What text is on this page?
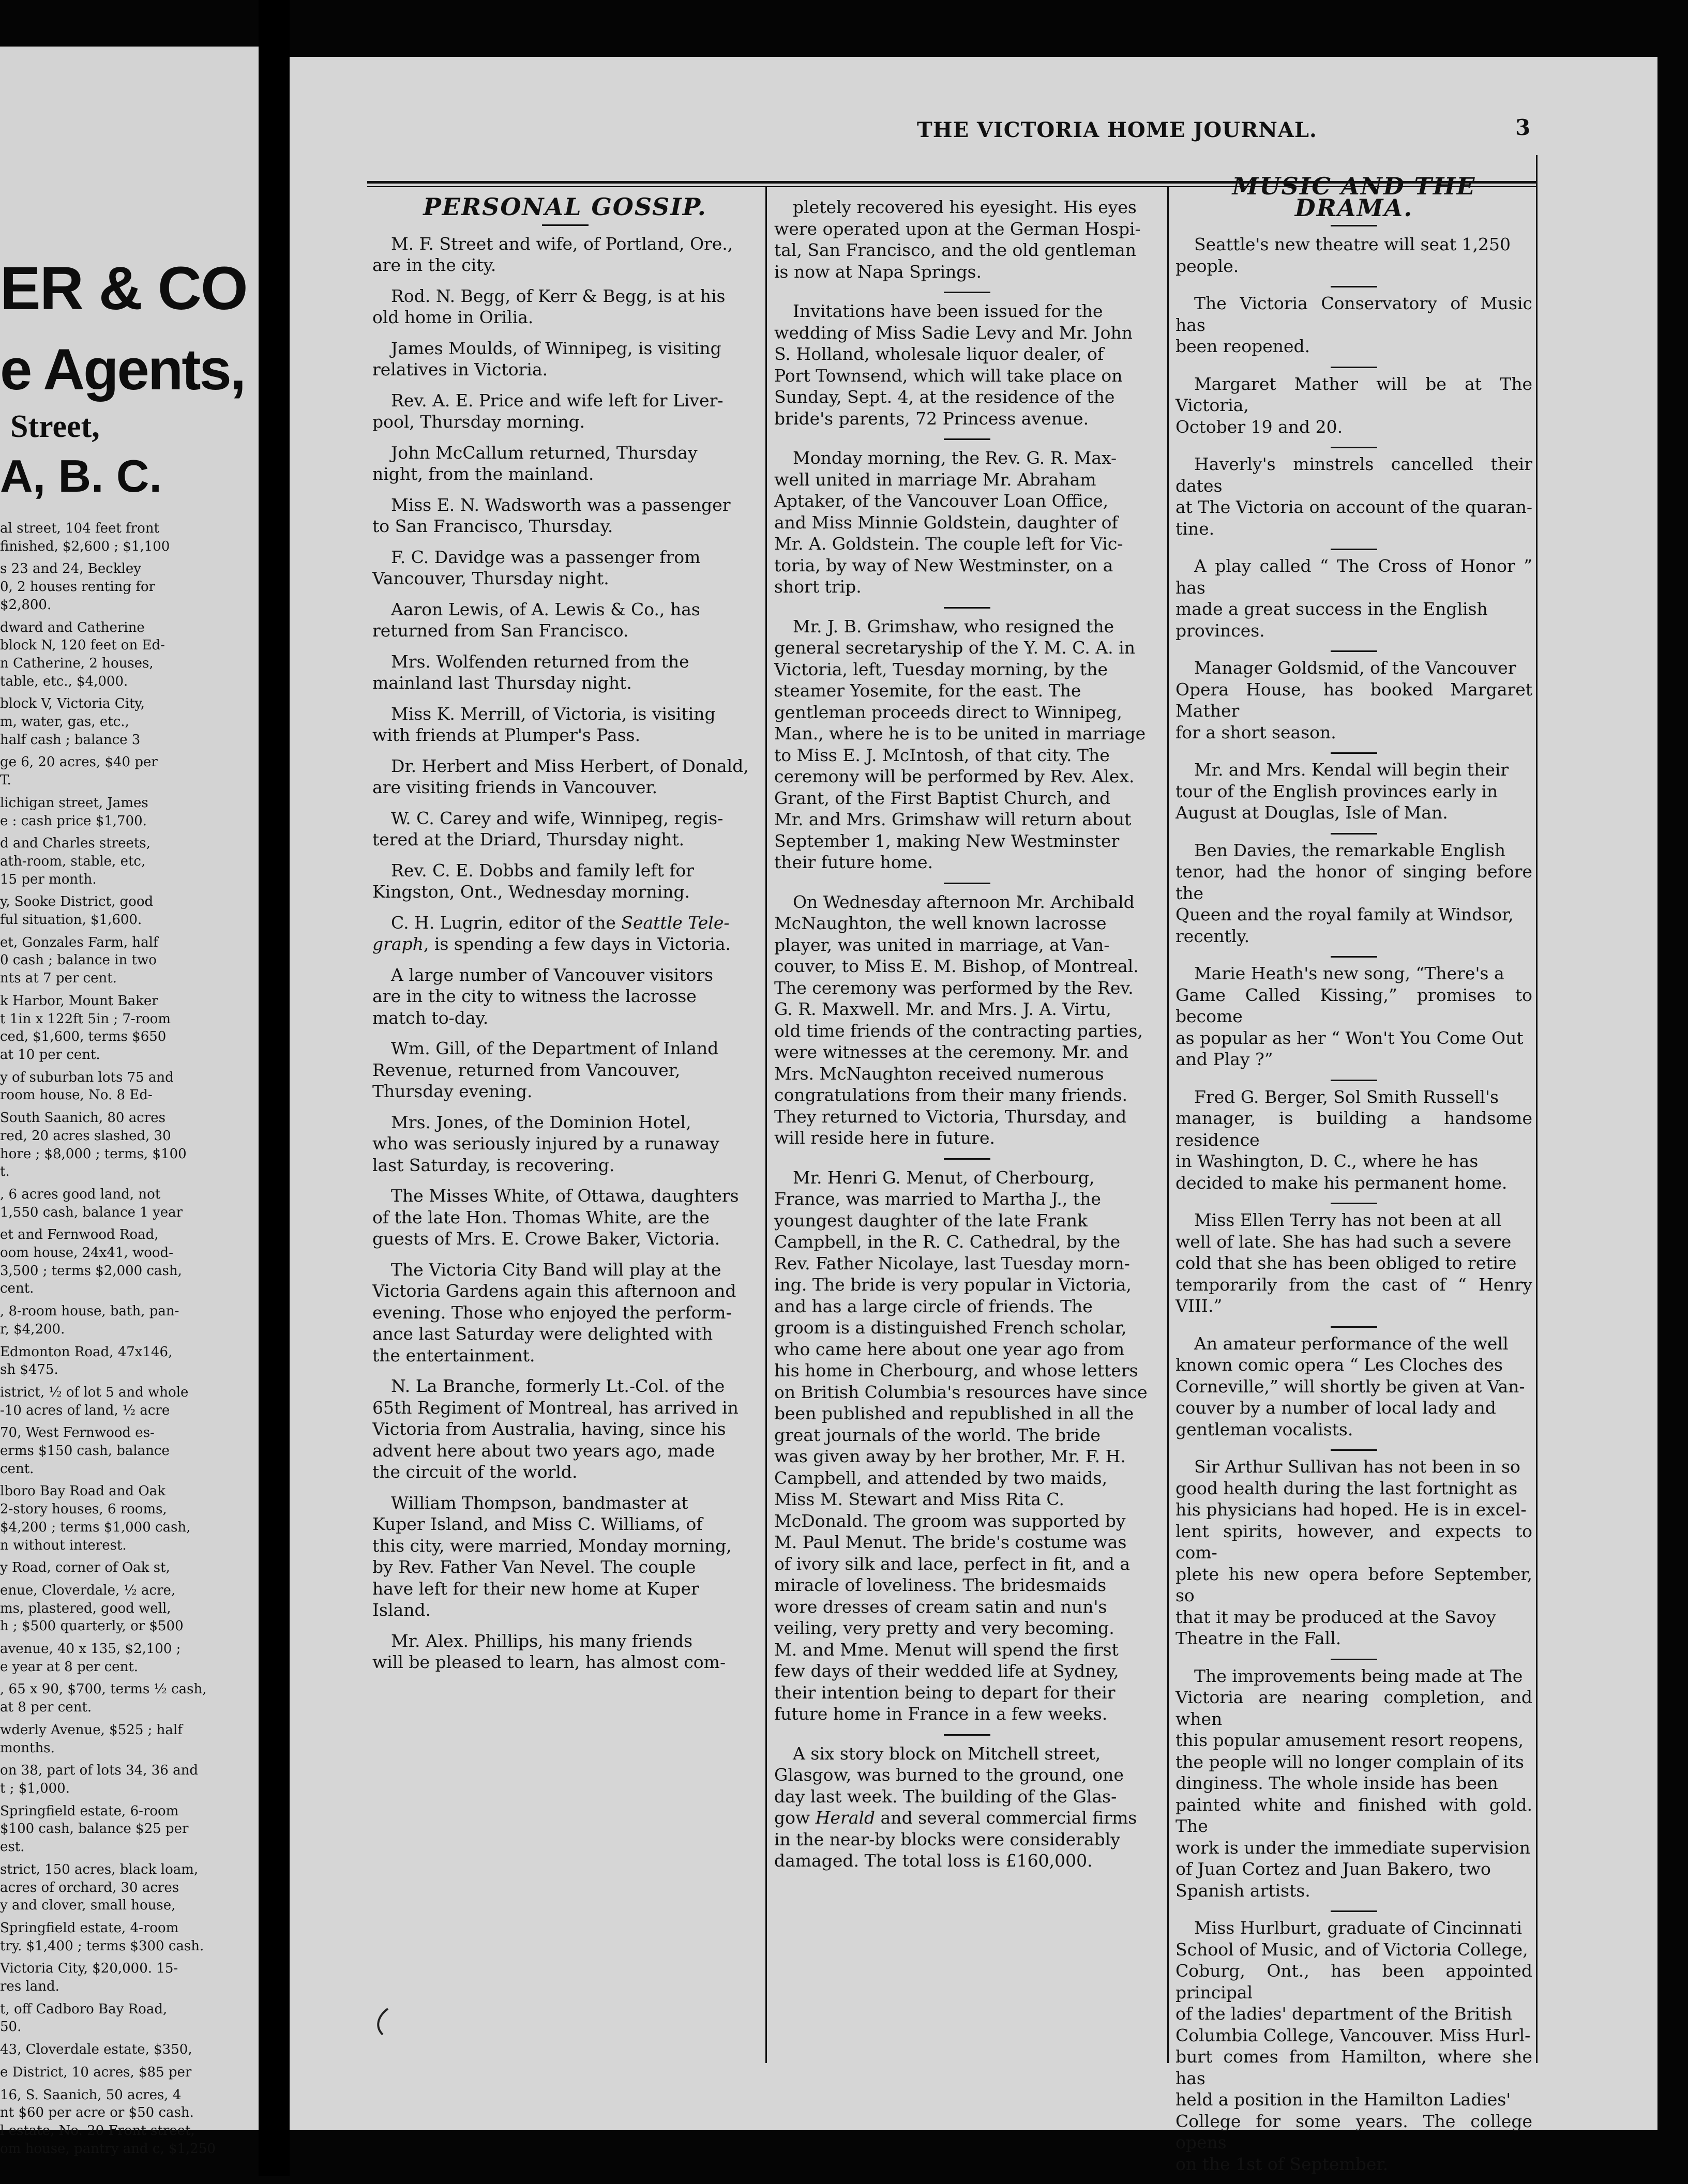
ER & CO
e Agents,
Street,
A, B. C.
al street, 104 feet front
finished, $2,600 ; $1,100
s 23 and 24, Beckley
0, 2 houses renting for
$2,800.
dward and Catherine
block N, 120 feet on Ed-
n Catherine, 2 houses,
table, etc., $4,000.
block V, Victoria City,
m, water, gas, etc.,
half cash ; balance 3
ge 6, 20 acres, $40 per
T.
lichigan street, James
e : cash price $1,700.
d and Charles streets,
ath-room, stable, etc,
15 per month.
y, Sooke District, good
ful situation, $1,600.
et, Gonzales Farm, half
0 cash ; balance in two
nts at 7 per cent.
k Harbor, Mount Baker
t 1in x 122ft 5in ; 7-room
ced, $1,600, terms $650
at 10 per cent.
y of suburban lots 75 and
room house, No. 8 Ed-
South Saanich, 80 acres
red, 20 acres slashed, 30
hore ; $8,000 ; terms, $100
t.
, 6 acres good land, not
1,550 cash, balance 1 year
et and Fernwood Road,
oom house, 24x41, wood-
3,500 ; terms $2,000 cash,
cent.
, 8-room house, bath, pan-
r, $4,200.
Edmonton Road, 47x146,
sh $475.
istrict, ½ of lot 5 and whole
-10 acres of land, ½ acre
70, West Fernwood es-
erms $150 cash, balance
cent.
lboro Bay Road and Oak
2-story houses, 6 rooms,
$4,200 ; terms $1,000 cash,
n without interest.
y Road, corner of Oak st,
enue, Cloverdale, ½ acre,
ms, plastered, good well,
h ; $500 quarterly, or $500
avenue, 40 x 135, $2,100 ;
e year at 8 per cent.
, 65 x 90, $700, terms ½ cash,
at 8 per cent.
wderly Avenue, $525 ; half
months.
on 38, part of lots 34, 36 and
t ; $1,000.
Springfield estate, 6-room
$100 cash, balance $25 per
est.
strict, 150 acres, black loam,
acres of orchard, 30 acres
y and clover, small house,
Springfield estate, 4-room
try. $1,400 ; terms $300 cash.
Victoria City, $20,000. 15-
res land.
t, off Cadboro Bay Road,
50.
43, Cloverdale estate, $350,
e District, 10 acres, $85 per
16, S. Saanich, 50 acres, 4
nt $60 per acre or $50 cash.
l estate, No. 20 Front street,
om house, pantry and c, $1,250
THE VICTORIA HOME JOURNAL.	3
PERSONAL GOSSIP.
M. F. Street and wife, of Portland, Ore.,
are in the city.
Rod. N. Begg, of Kerr & Begg, is at his
old home in Orilia.
James Moulds, of Winnipeg, is visiting
relatives in Victoria.
Rev. A. E. Price and wife left for Liver-
pool, Thursday morning.
John McCallum returned, Thursday
night, from the mainland.
Miss E. N. Wadsworth was a passenger
to San Francisco, Thursday.
F. C. Davidge was a passenger from
Vancouver, Thursday night.
Aaron Lewis, of A. Lewis & Co., has
returned from San Francisco.
Mrs. Wolfenden returned from the
mainland last Thursday night.
Miss K. Merrill, of Victoria, is visiting
with friends at Plumper's Pass.
Dr. Herbert and Miss Herbert, of Donald,
are visiting friends in Vancouver.
W. C. Carey and wife, Winnipeg, regis-
tered at the Driard, Thursday night.
Rev. C. E. Dobbs and family left for
Kingston, Ont., Wednesday morning.
C. H. Lugrin, editor of the Seattle Tele-
graph, is spending a few days in Victoria.
A large number of Vancouver visitors
are in the city to witness the lacrosse
match to-day.
Wm. Gill, of the Department of Inland
Revenue, returned from Vancouver,
Thursday evening.
Mrs. Jones, of the Dominion Hotel,
who was seriously injured by a runaway
last Saturday, is recovering.
The Misses White, of Ottawa, daughters
of the late Hon. Thomas White, are the
guests of Mrs. E. Crowe Baker, Victoria.
The Victoria City Band will play at the
Victoria Gardens again this afternoon and
evening. Those who enjoyed the perform-
ance last Saturday were delighted with
the entertainment.
N. La Branche, formerly Lt.-Col. of the
65th Regiment of Montreal, has arrived in
Victoria from Australia, having, since his
advent here about two years ago, made
the circuit of the world.
William Thompson, bandmaster at
Kuper Island, and Miss C. Williams, of
this city, were married, Monday morning,
by Rev. Father Van Nevel. The couple
have left for their new home at Kuper
Island.
Mr. Alex. Phillips, his many friends
will be pleased to learn, has almost com-
pletely recovered his eyesight. His eyes
were operated upon at the German Hospi-
tal, San Francisco, and the old gentleman
is now at Napa Springs.
Invitations have been issued for the
wedding of Miss Sadie Levy and Mr. John
S. Holland, wholesale liquor dealer, of
Port Townsend, which will take place on
Sunday, Sept. 4, at the residence of the
bride's parents, 72 Princess avenue.
Monday morning, the Rev. G. R. Max-
well united in marriage Mr. Abraham
Aptaker, of the Vancouver Loan Office,
and Miss Minnie Goldstein, daughter of
Mr. A. Goldstein. The couple left for Vic-
toria, by way of New Westminster, on a
short trip.
Mr. J. B. Grimshaw, who resigned the
general secretaryship of the Y. M. C. A. in
Victoria, left, Tuesday morning, by the
steamer Yosemite, for the east. The
gentleman proceeds direct to Winnipeg,
Man., where he is to be united in marriage
to Miss E. J. McIntosh, of that city. The
ceremony will be performed by Rev. Alex.
Grant, of the First Baptist Church, and
Mr. and Mrs. Grimshaw will return about
September 1, making New Westminster
their future home.
On Wednesday afternoon Mr. Archibald
McNaughton, the well known lacrosse
player, was united in marriage, at Van-
couver, to Miss E. M. Bishop, of Montreal.
The ceremony was performed by the Rev.
G. R. Maxwell. Mr. and Mrs. J. A. Virtu,
old time friends of the contracting parties,
were witnesses at the ceremony. Mr. and
Mrs. McNaughton received numerous
congratulations from their many friends.
They returned to Victoria, Thursday, and
will reside here in future.
Mr. Henri G. Menut, of Cherbourg,
France, was married to Martha J., the
youngest daughter of the late Frank
Campbell, in the R. C. Cathedral, by the
Rev. Father Nicolaye, last Tuesday morn-
ing. The bride is very popular in Victoria,
and has a large circle of friends. The
groom is a distinguished French scholar,
who came here about one year ago from
his home in Cherbourg, and whose letters
on British Columbia's resources have since
been published and republished in all the
great journals of the world. The bride
was given away by her brother, Mr. F. H.
Campbell, and attended by two maids,
Miss M. Stewart and Miss Rita C.
McDonald. The groom was supported by
M. Paul Menut. The bride's costume was
of ivory silk and lace, perfect in fit, and a
miracle of loveliness. The bridesmaids
wore dresses of cream satin and nun's
veiling, very pretty and very becoming.
M. and Mme. Menut will spend the first
few days of their wedded life at Sydney,
their intention being to depart for their
future home in France in a few weeks.
A six story block on Mitchell street,
Glasgow, was burned to the ground, one
day last week. The building of the Glas-
gow Herald and several commercial firms
in the near-by blocks were considerably
damaged. The total loss is £160,000.
MUSIC AND THE DRAMA.
Seattle's new theatre will seat 1,250
people.
The Victoria Conservatory of Music has
been reopened.
Margaret Mather will be at The Victoria,
October 19 and 20.
Haverly's minstrels cancelled their dates
at The Victoria on account of the quaran-
tine.
A play called “ The Cross of Honor ” has
made a great success in the English
provinces.
Manager Goldsmid, of the Vancouver
Opera House, has booked Margaret Mather
for a short season.
Mr. and Mrs. Kendal will begin their
tour of the English provinces early in
August at Douglas, Isle of Man.
Ben Davies, the remarkable English
tenor, had the honor of singing before the
Queen and the royal family at Windsor,
recently.
Marie Heath's new song, “There's a
Game Called Kissing,” promises to become
as popular as her “ Won't You Come Out
and Play ?”
Fred G. Berger, Sol Smith Russell's
manager, is building a handsome residence
in Washington, D. C., where he has
decided to make his permanent home.
Miss Ellen Terry has not been at all
well of late. She has had such a severe
cold that she has been obliged to retire
temporarily from the cast of “ Henry VIII.”
An amateur performance of the well
known comic opera “ Les Cloches des
Corneville,” will shortly be given at Van-
couver by a number of local lady and
gentleman vocalists.
Sir Arthur Sullivan has not been in so
good health during the last fortnight as
his physicians had hoped. He is in excel-
lent spirits, however, and expects to com-
plete his new opera before September, so
that it may be produced at the Savoy
Theatre in the Fall.
The improvements being made at The
Victoria are nearing completion, and when
this popular amusement resort reopens,
the people will no longer complain of its
dinginess. The whole inside has been
painted white and finished with gold. The
work is under the immediate supervision
of Juan Cortez and Juan Bakero, two
Spanish artists.
Miss Hurlburt, graduate of Cincinnati
School of Music, and of Victoria College,
Coburg, Ont., has been appointed principal
of the ladies' department of the British
Columbia College, Vancouver. Miss Hurl-
burt comes from Hamilton, where she has
held a position in the Hamilton Ladies'
College for some years. The college opens
on the 1st of September.
